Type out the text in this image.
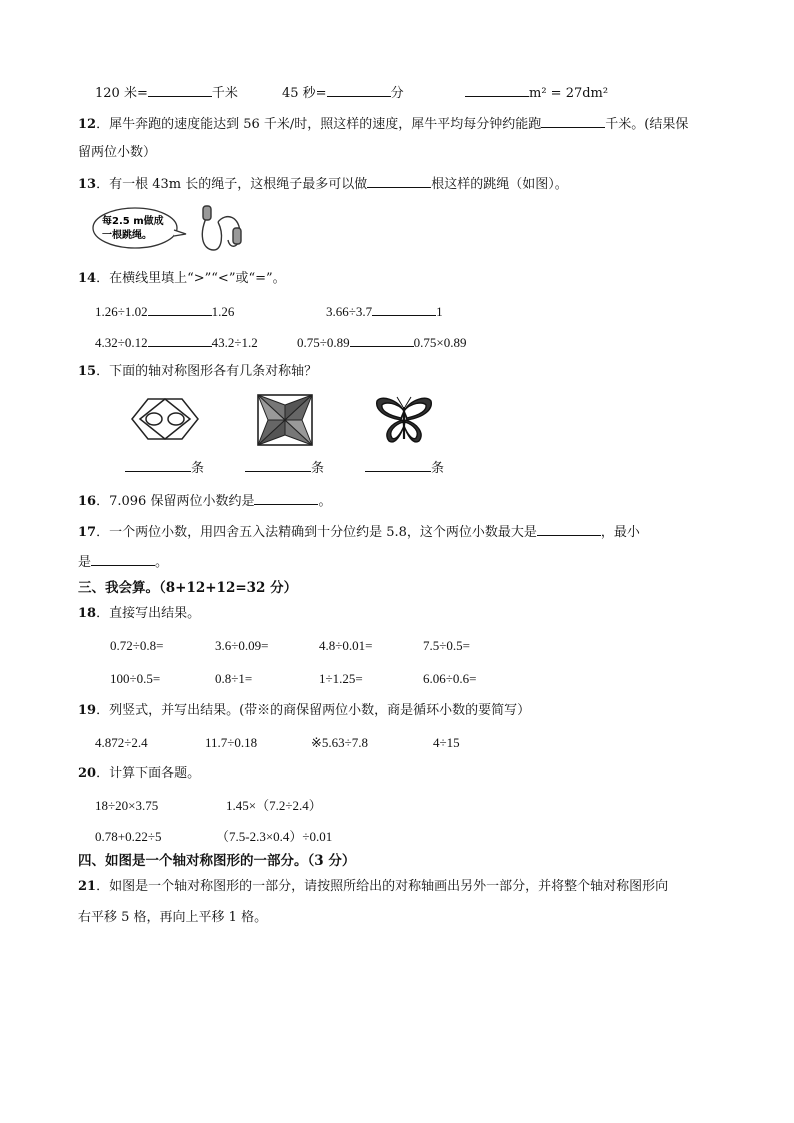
120 米=	千米	45 秒=	分	m² = 27dm²
12．犀牛奔跑的速度能达到 56 千米/时，照这样的速度，犀牛平均每分钟约能跑	千米。(结果保
留两位小数）
13．有一根 43m 长的绳子，这根绳子最多可以做	根这样的跳绳（如图）。
每2.5 m做成
一根跳绳。
14．在横线里填上“>”“<”或“=”。
1.26÷1.02	1.26	3.66÷3.7	1
4.32÷0.12	43.2÷1.2	0.75÷0.89	0.75×0.89
15．下面的轴对称图形各有几条对称轴？
条	条	条
16．7.096 保留两位小数约是	。
17．一个两位小数，用四舍五入法精确到十分位约是 5.8，这个两位小数最大是	，最小
是	。
三、我会算。（8+12+12=32 分）
18．直接写出结果。
0.72÷0.8=	3.6÷0.09=	4.8÷0.01=	7.5÷0.5=
100÷0.5=	0.8÷1=	1÷1.25=	6.06÷0.6=
19．列竖式，并写出结果。(带※的商保留两位小数，商是循环小数的要简写）
4.872÷2.4	11.7÷0.18	※5.63÷7.8	4÷15
20．计算下面各题。
18÷20×3.75	1.45×（7.2÷2.4）
0.78+0.22÷5	（7.5-2.3×0.4）÷0.01
四、如图是一个轴对称图形的一部分。（3 分）
21．如图是一个轴对称图形的一部分，请按照所给出的对称轴画出另外一部分，并将整个轴对称图形向
右平移 5 格，再向上平移 1 格。
